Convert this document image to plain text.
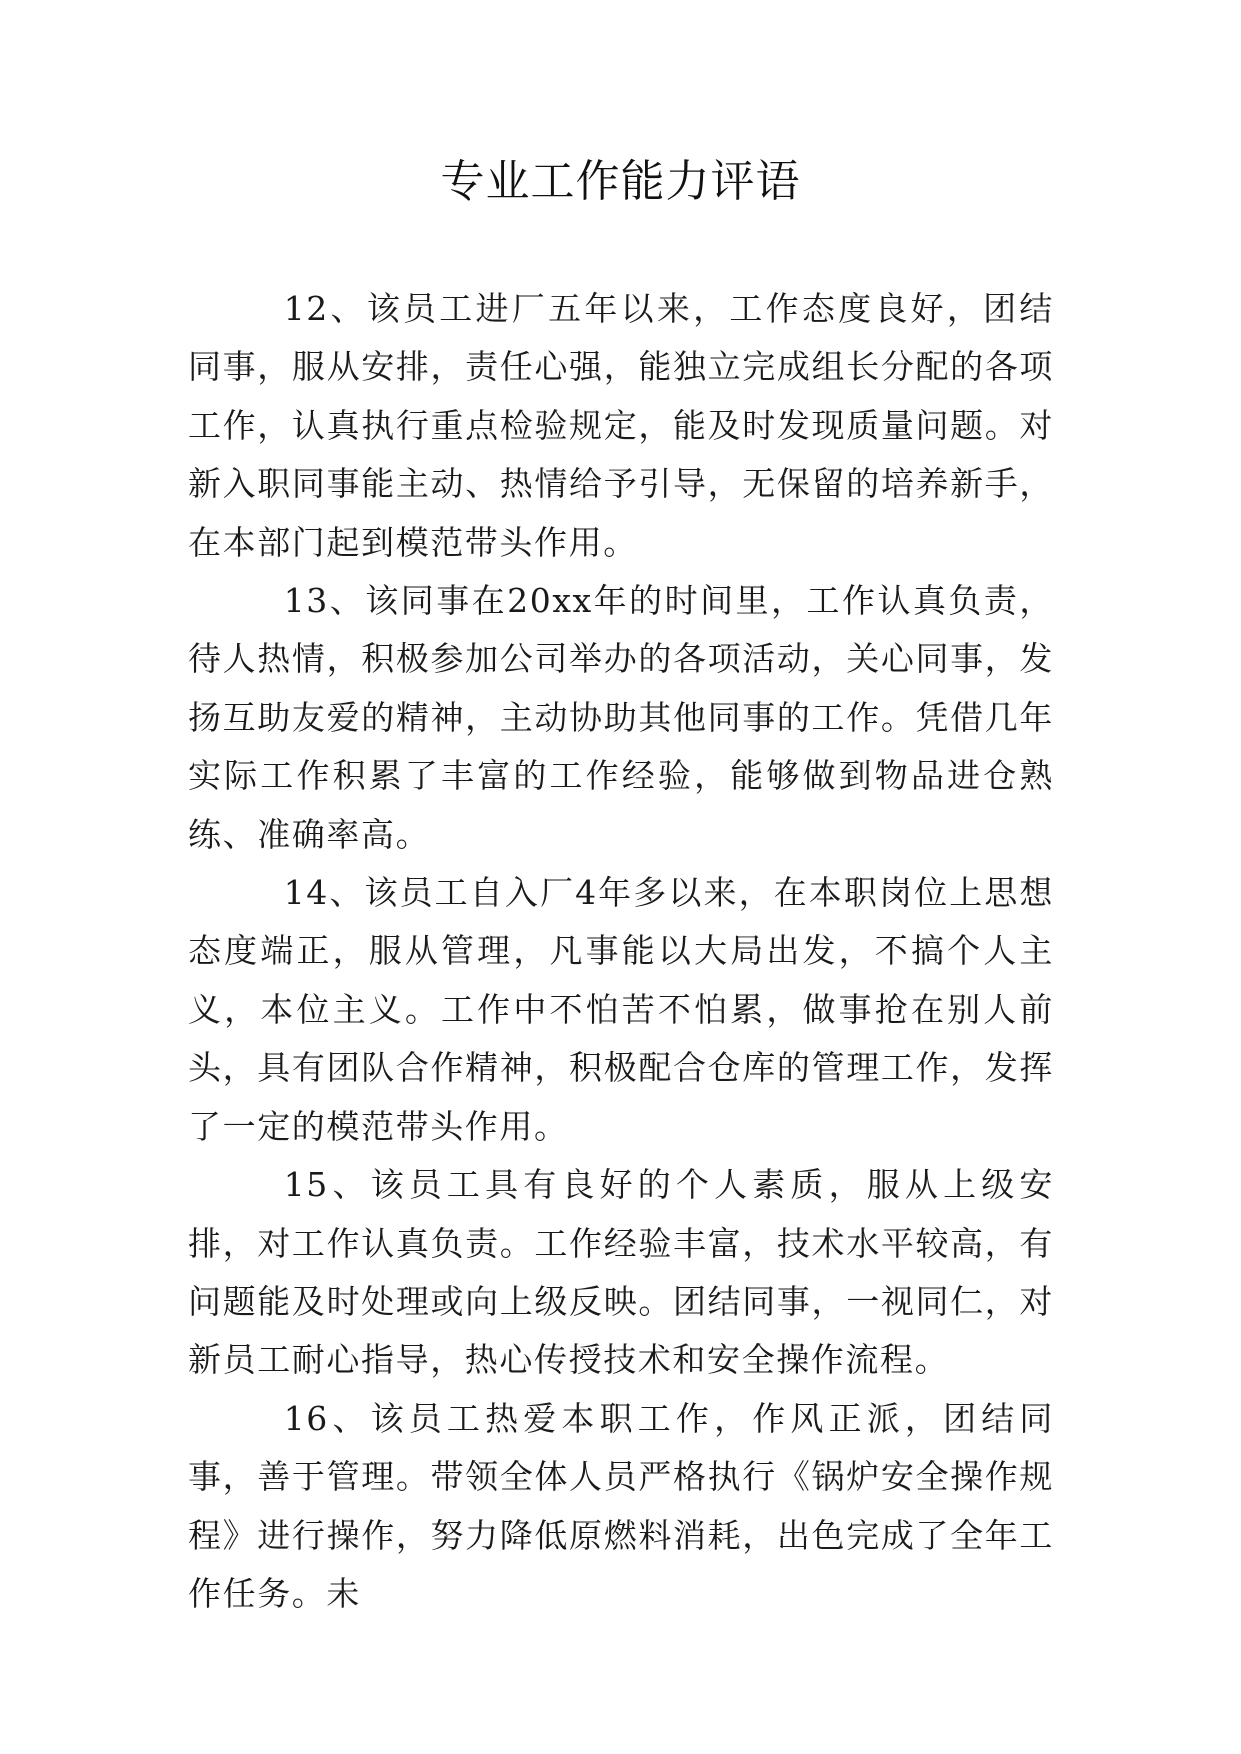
专业工作能力评语

12、该员工进厂五年以来，工作态度良好，团结同事，服从安排，责任心强，能独立完成组长分配的各项工作，认真执行重点检验规定，能及时发现质量问题。对新入职同事能主动、热情给予引导，无保留的培养新手，在本部门起到模范带头作用。

13、该同事在20xx年的时间里，工作认真负责，待人热情，积极参加公司举办的各项活动，关心同事，发扬互助友爱的精神，主动协助其他同事的工作。凭借几年实际工作积累了丰富的工作经验，能够做到物品进仓熟练、准确率高。

14、该员工自入厂4年多以来，在本职岗位上思想态度端正，服从管理，凡事能以大局出发，不搞个人主义，本位主义。工作中不怕苦不怕累，做事抢在别人前头，具有团队合作精神，积极配合仓库的管理工作，发挥了一定的模范带头作用。

15、该员工具有良好的个人素质，服从上级安排，对工作认真负责。工作经验丰富，技术水平较高，有问题能及时处理或向上级反映。团结同事，一视同仁，对新员工耐心指导，热心传授技术和安全操作流程。

16、该员工热爱本职工作，作风正派，团结同事，善于管理。带领全体人员严格执行《锅炉安全操作规程》进行操作，努力降低原燃料消耗，出色完成了全年工作任务。未
